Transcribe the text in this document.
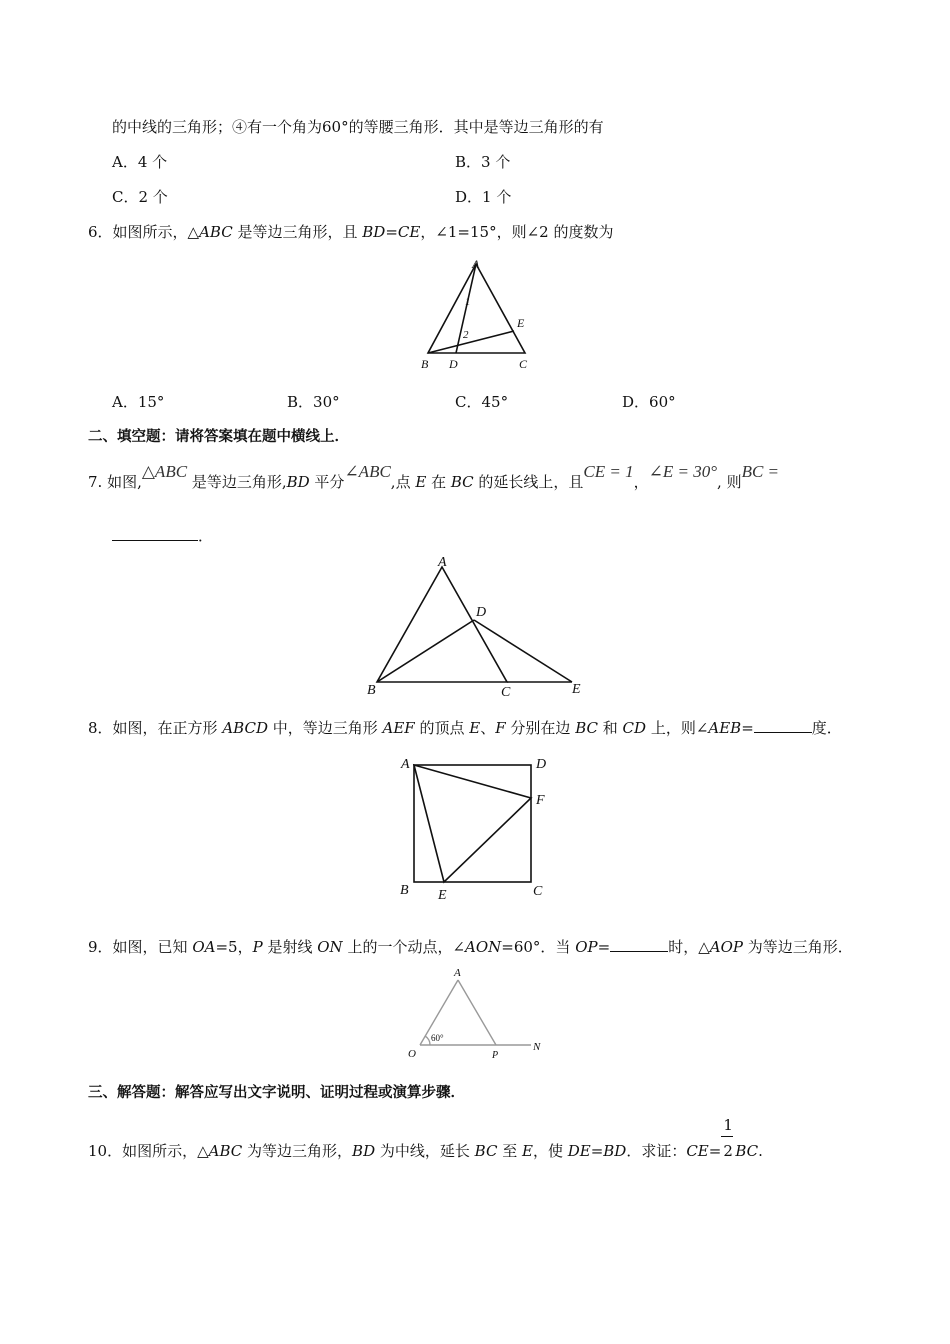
的中线的三角形；④有一个角为60°的等腰三角形．其中是等边三角形的有
A．4 个	B．3 个
C．2 个	D．1 个
6．如图所示，△ABC 是等边三角形，且 BD=CE，∠1=15°，则∠2 的度数为
A
B D	C
E
1
2
A．15°	B．30°	C．45°	D．60°
二、填空题：请将答案填在题中横线上．
7. 如图,△ABC 是等边三角形,BD 平分∠ABC,点 E 在 BC 的延长线上，且CE = 1，∠E = 30°, 则BC =
．
A
D
B	C	E
8．如图，在正方形 ABCD 中，等边三角形 AEF 的顶点 E、F 分别在边 BC 和 CD 上，则∠AEB=	度．
A	D
F
B E	C
9．如图，已知 OA=5，P 是射线 ON 上的一个动点，∠AON=60°．当 OP=	时，△AOP 为等边三角形．
A
O	P
N
60°
三、解答题：解答应写出文字说明、证明过程或演算步骤．
10．如图所示，△ABC 为等边三角形，BD 为中线，延长 BC 至 E，使 DE=BD．求证：$CE= \frac{1}{2}$ BC.
